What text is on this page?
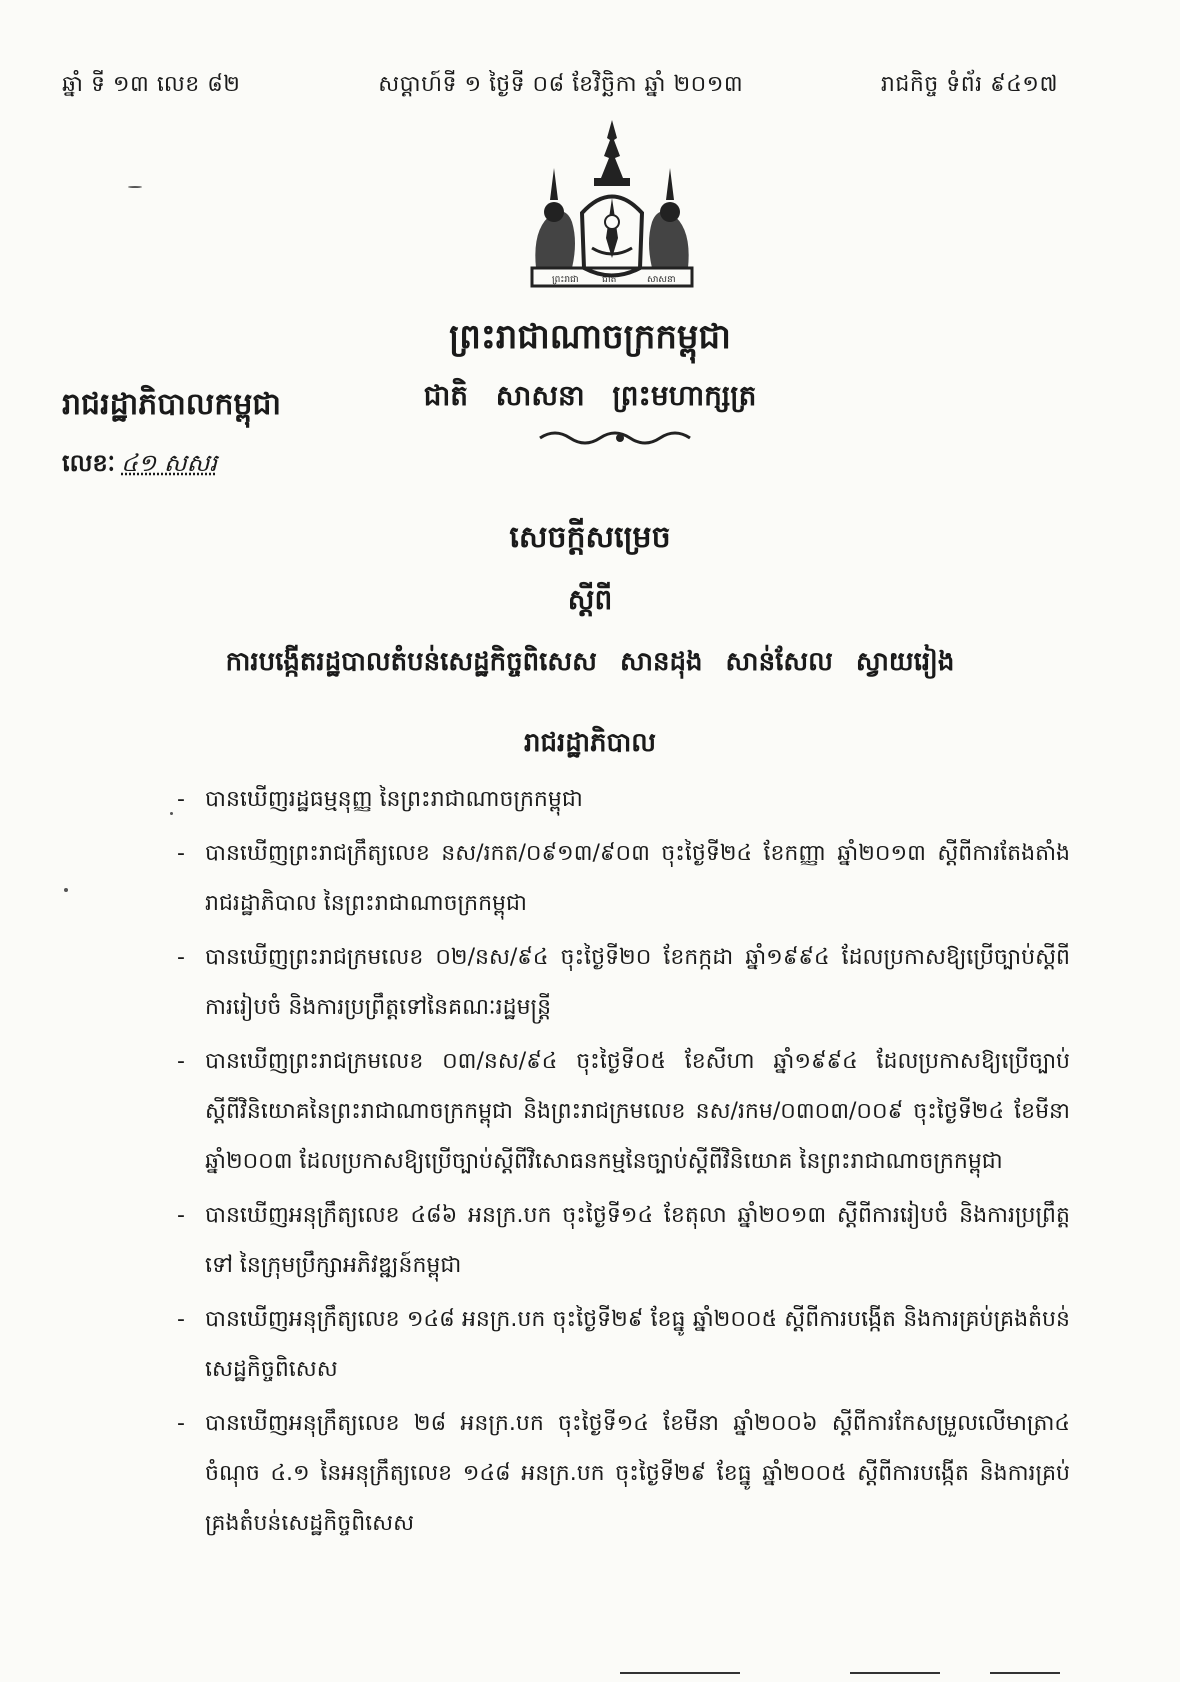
ឆ្នាំ ទី ១៣ លេខ ៨២	សប្តាហ៍ទី ១ ថ្ងៃទី ០៨ ខែវិច្ឆិកា ឆ្នាំ ២០១៣	រាជកិច្ច ទំព័រ ៩៤១៧
ព្រះរាជា	ជាតិ	សាសនា
ព្រះរាជាណាចក្រកម្ពុជា
ជាតិ សាសនា ព្រះមហាក្សត្រ
រាជរដ្ឋាភិបាលកម្ពុជា
លេខៈ ៤១ សសរ
សេចក្តីសម្រេច
ស្តីពី
ការបង្កើតរដ្ឋបាលតំបន់សេដ្ឋកិច្ចពិសេស សានដុង សាន់សែល ស្វាយរៀង
រាជរដ្ឋាភិបាល
- បានឃើញរដ្ឋធម្មនុញ្ញ នៃព្រះរាជាណាចក្រកម្ពុជា
- បានឃើញព្រះរាជក្រឹត្យលេខ នស/រកត/០៩១៣/៩០៣ ចុះថ្ងៃទី២៤ ខែកញ្ញា ឆ្នាំ២០១៣ ស្តីពីការតែងតាំងរាជរដ្ឋាភិបាល នៃព្រះរាជាណាចក្រកម្ពុជា
- បានឃើញព្រះរាជក្រមលេខ ០២/នស/៩៤ ចុះថ្ងៃទី២០ ខែកក្កដា ឆ្នាំ១៩៩៤ ដែលប្រកាសឱ្យប្រើច្បាប់ស្តីពីការរៀបចំ និងការប្រព្រឹត្តទៅនៃគណៈរដ្ឋមន្ត្រី
- បានឃើញព្រះរាជក្រមលេខ ០៣/នស/៩៤ ចុះថ្ងៃទី០៥ ខែសីហា ឆ្នាំ១៩៩៤ ដែលប្រកាសឱ្យប្រើច្បាប់ស្តីពីវិនិយោគនៃព្រះរាជាណាចក្រកម្ពុជា និងព្រះរាជក្រមលេខ នស/រកម/០៣០៣/០០៩ ចុះថ្ងៃទី២៤ ខែមីនា ឆ្នាំ២០០៣ ដែលប្រកាសឱ្យប្រើច្បាប់ស្តីពីវិសោធនកម្មនៃច្បាប់ស្តីពីវិនិយោគ នៃព្រះរាជាណាចក្រកម្ពុជា
- បានឃើញអនុក្រឹត្យលេខ ៤៨៦ អនក្រ.បក ចុះថ្ងៃទី១៤ ខែតុលា ឆ្នាំ២០១៣ ស្តីពីការរៀបចំ និងការប្រព្រឹត្តទៅ នៃក្រុមប្រឹក្សាអភិវឌ្ឍន៍កម្ពុជា
- បានឃើញអនុក្រឹត្យលេខ ១៤៨ អនក្រ.បក ចុះថ្ងៃទី២៩ ខែធ្នូ ឆ្នាំ២០០៥ ស្តីពីការបង្កើត និងការគ្រប់គ្រងតំបន់សេដ្ឋកិច្ចពិសេស
- បានឃើញអនុក្រឹត្យលេខ ២៨ អនក្រ.បក ចុះថ្ងៃទី១៤ ខែមីនា ឆ្នាំ២០០៦ ស្តីពីការកែសម្រួលលើមាត្រា៤ ចំណុច ៤.១ នៃអនុក្រឹត្យលេខ ១៤៨ អនក្រ.បក ចុះថ្ងៃទី២៩ ខែធ្នូ ឆ្នាំ២០០៥ ស្តីពីការបង្កើត និងការគ្រប់គ្រងតំបន់សេដ្ឋកិច្ចពិសេស
